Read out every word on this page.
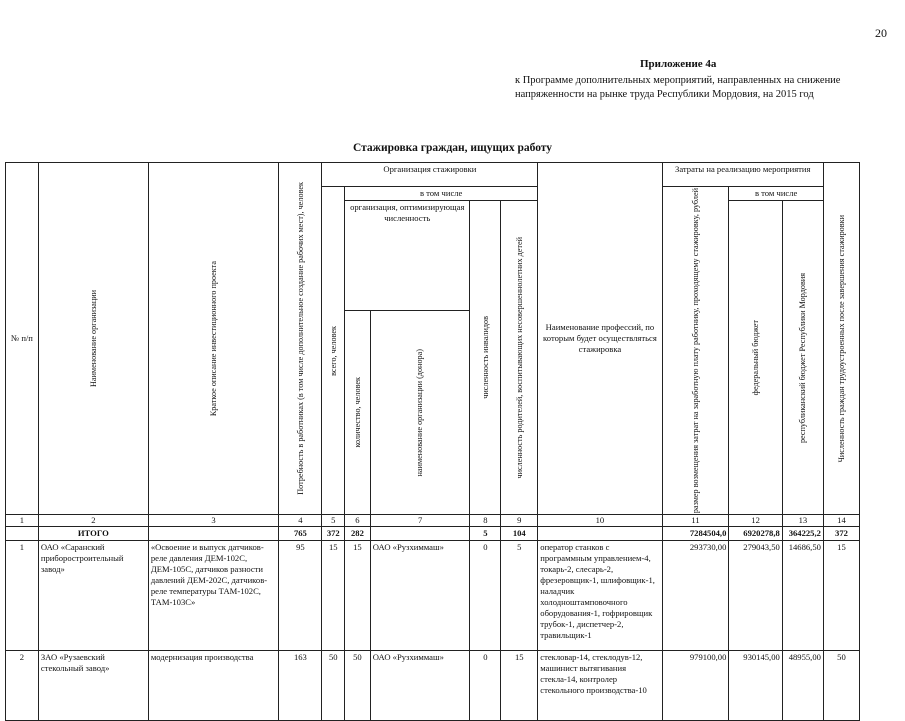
20
Приложение 4а
к Программе дополнительных мероприятий, направленных на снижение напряженности на рынке труда Республики Мордовия, на 2015 год
Стажировка граждан, ищущих работу
№ п/п	Наименование организации	Краткое описание инвестиционного проекта	Потребность в работниках (в том числе дополнительное создание рабочих мест), человек	Организация стажировки					Наименование профессий, по которым будет осуществляться стажировка	Затраты на реализацию мероприятия			Численность граждан трудоустроенных после завершения стажировки

				всего, человек	в том числе					размер возмещения затрат на заработную плату работнику, проходящему стажировку, рублей	в том числе		
					организация, оптимизирующая численность		численность инвалидов	численность родителей, воспитывающих несовершеннолетних детей			федеральный бюджет	республиканский бюджет Республики Мордовия	

					количество, человек	наименование организации (донора)							

1	2	3	4	5	6	7	8	9	10	11	12	13	14
	ИТОГО		765	372	282		5	104		7284504,0	6920278,8	364225,2	372
1	ОАО «Саранский приборостроительный завод»	«Освоение и выпуск датчиков-реле давления ДЕМ-102С, ДЕМ-105С, датчиков разности давлений ДЕМ-202С, датчиков-реле температуры ТАМ-102С, ТАМ-103С»	95	15	15	ОАО «Рузхиммаш»	0	5	оператор станков с программным управлением-4, токарь-2, слесарь-2, фрезеровщик-1, шлифовщик-1, наладчик холодноштамповочного оборудования-1, гофрировщик трубок-1, диспетчер-2, травильщик-1	293730,00	279043,50	14686,50	15
2	ЗАО «Рузаевский стекольный завод»	модернизация производства	163	50	50	ОАО «Рузхиммаш»	0	15	стекловар-14, стеклодув-12, машинист вытягивания стекла-14, контролер стекольного производства-10	979100,00	930145,00	48955,00	50
